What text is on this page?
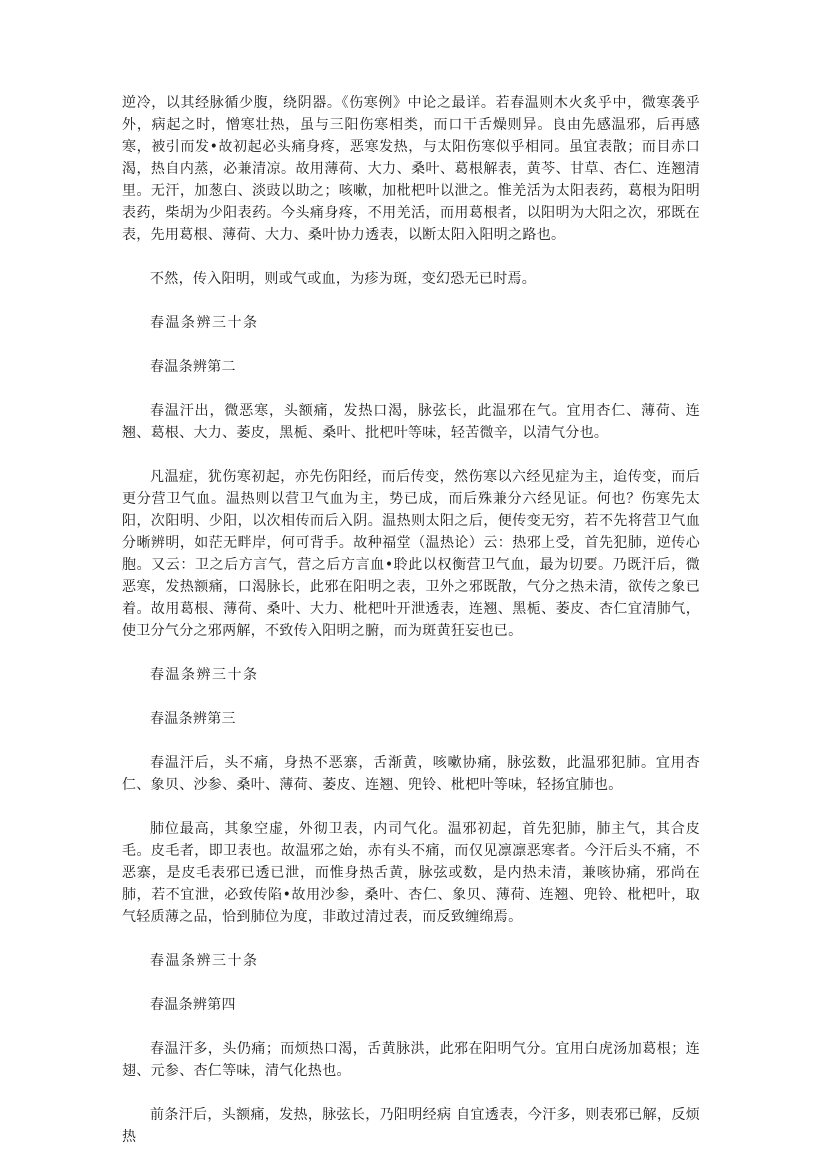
逆冷，以其经脉循少腹，绕阴器。《伤寒例》中论之最详。若春温则木火炙乎中，微寒袭乎外，病起之时，憎寒壮热，虽与三阳伤寒相类，而口干舌燥则异。良由先感温邪，后再感寒，被引而发•故初起必头痛身疼，恶寒发热，与太阳伤寒似乎相同。虽宜表散；而目赤口渴，热自内蒸，必兼清凉。故用薄荷、大力、桑叶、葛根解表，黄芩、甘草、杏仁、连翘清里。无汗，加葱白、淡豉以助之；咳嗽，加枇杷叶以泄之。惟羌活为太阳表药，葛根为阳明表药，柴胡为少阳表药。今头痛身疼，不用羌活，而用葛根者，以阳明为大阳之次，邪既在表，先用葛根、薄荷、大力、桑叶协力透表，以断太阳入阳明之路也。

不然，传入阳明，则或气或血，为疹为斑，变幻恐无已时焉。

春温条辨三十条

春温条辨第二

春温汗出，微恶寒，头额痛，发热口渴，脉弦长，此温邪在气。宜用杏仁、薄荷、连翘、葛根、大力、萎皮，黑栀、桑叶、批杷叶等味，轻苦微辛，以清气分也。

凡温症，犹伤寒初起，亦先伤阳经，而后传变，然伤寒以六经见症为主，迨传变，而后更分营卫气血。温热则以营卫气血为主，势已成，而后殊兼分六经见证。何也？伤寒先太阳，次阳明、少阳，以次相传而后入阴。温热则太阳之后，便传变无穷，若不先将营卫气血分晰辨明，如茫无畔岸，何可背手。故种福堂（温热论）云：热邪上受，首先犯肺，逆传心胞。又云：卫之后方言气，营之后方言血•聆此以权衡营卫气血，最为切要。乃既汗后，微恶寒，发热额痛，口渴脉长，此邪在阳明之表，卫外之邪既散，气分之热未清，欲传之象已着。故用葛根、薄荷、桑叶、大力、枇杷叶开泄透表，连翘、黑栀、萎皮、杏仁宜清肺气，使卫分气分之邪两解，不致传入阳明之腑，而为斑黄狂妄也已。

春温条辨三十条

春温条辨第三

春温汗后，头不痛，身热不恶寨，舌渐黄，咳嗽协痛，脉弦数，此温邪犯肺。宜用杏仁、象贝、沙参、桑叶、薄荷、萎皮、连翘、兜铃、枇杷叶等味，轻扬宜肺也。

肺位最高，其象空虚，外彻卫表，内司气化。温邪初起，首先犯肺，肺主气，其合皮毛。皮毛者，即卫表也。故温邪之始，赤有头不痛，而仅见凛凛恶寒者。今汗后头不痛，不恶寨，是皮毛表邪已透已泄，而惟身热舌黄，脉弦或数，是内热未清，兼咳协痛，邪尚在肺，若不宜泄，必致传陷•故用沙参，桑叶、杏仁、象贝、薄荷、连翘、兜铃、枇杷叶，取气轻质薄之品，恰到肺位为度，非敢过清过表，而反致缠绵焉。

春温条辨三十条

春温条辨第四

春温汗多，头仍痛；而烦热口渴，舌黄脉洪，此邪在阳明气分。宜用白虎汤加葛根；连翅、元参、杏仁等味，清气化热也。

前条汗后，头额痛，发热，脉弦长，乃阳明经病 自宜透表，今汗多，则表邪已解，反烦热
